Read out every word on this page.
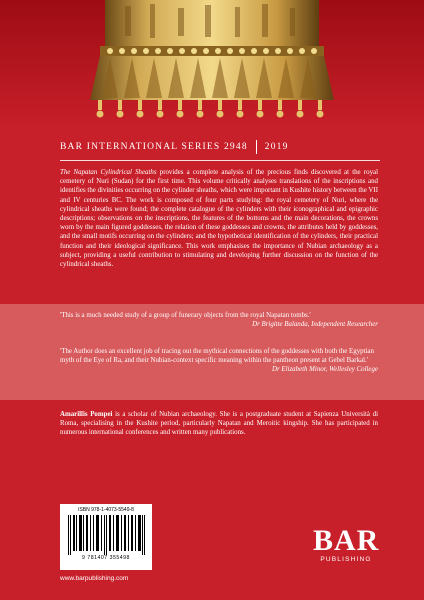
BAR INTERNATIONAL SERIES 2948 2019
The Napatan Cylindrical Sheaths provides a complete analysis of the precious finds discovered at the royal cemetery of Nuri (Sudan) for the first time. This volume critically analyses translations of the inscriptions and identifies the divinities occurring on the cylinder sheaths, which were important in Kushite history between the VII and IV centuries BC. The work is composed of four parts studying: the royal cemetery of Nuri, where the cylindrical sheaths were found; the complete catalogue of the cylinders with their iconographical and epigraphic descriptions; observations on the inscriptions, the features of the bottoms and the main decorations, the crowns worn by the main figured goddesses, the relation of these goddesses and crowns, the attributes held by goddesses, and the small motifs occurring on the cylinders; and the hypothetical identification of the cylinders, their practical function and their ideological significance. This work emphasises the importance of Nubian archaeology as a subject, providing a useful contribution to stimulating and developing further discussion on the function of the cylindrical sheaths.
'This is a much needed study of a group of funerary objects from the royal Napatan tombs.'
Dr Brigitte Balanda, Independent Researcher
'The Author does an excellent job of tracing out the mythical connections of the goddesses with both the Egyptian myth of the Eye of Ra, and their Nubian-context specific meaning within the pantheon present at Gebel Barkal.'
Dr Elizabeth Minor, Wellesley College
Amarillis Pompei is a scholar of Nubian archaeology. She is a postgraduate student at Sapienza Università di Roma, specialising in the Kushite period, particularly Napatan and Meroitic kingship. She has participated in numerous international conferences and written many publications.
ISBN 978-1-4073-5549-8
9 781407 355498
www.barpublishing.com
BAR
PUBLISHING
